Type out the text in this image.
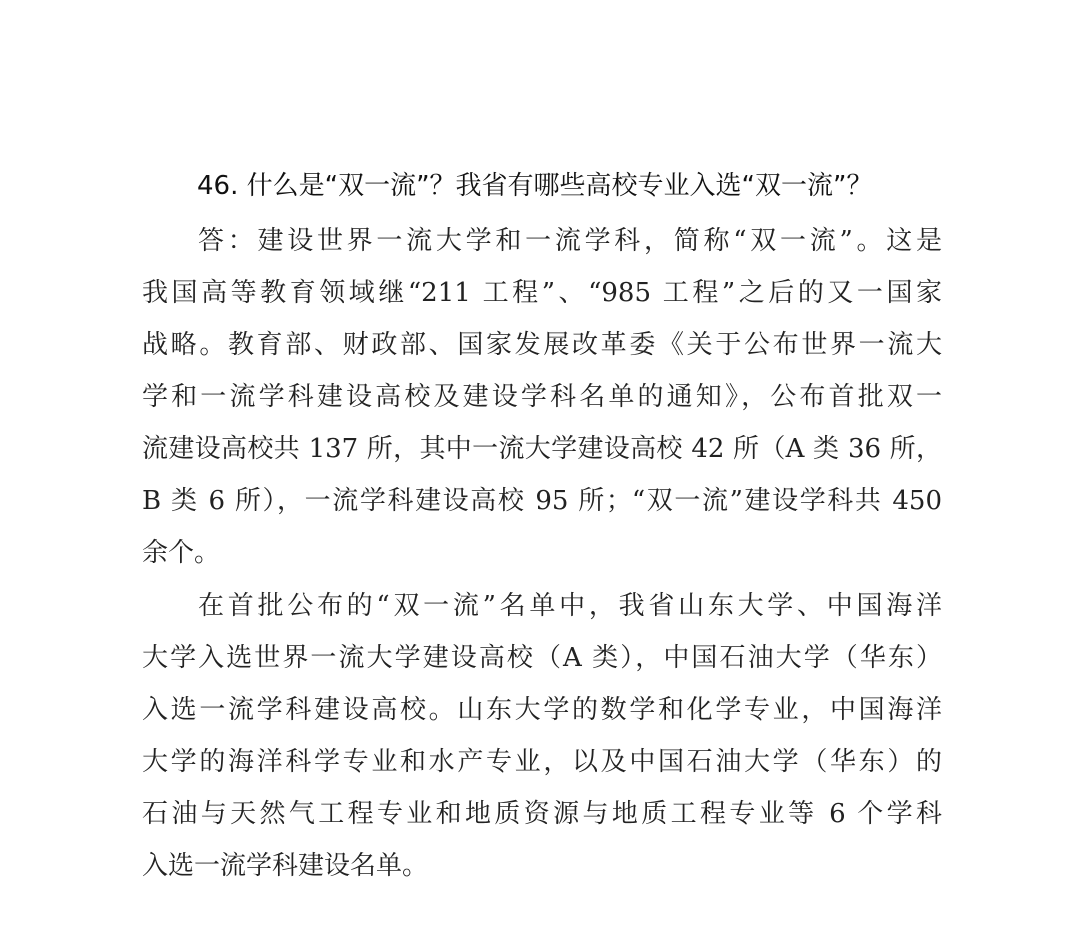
46. 什么是“双一流”？我省有哪些高校专业入选“双一流”？
答：建设世界一流大学和一流学科，简称“双一流”。这是
我国高等教育领域继“211 工程”、“985 工程”之后的又一国家
战略。教育部、财政部、国家发展改革委《关于公布世界一流大
学和一流学科建设高校及建设学科名单的通知》，公布首批双一
流建设高校共 137 所，其中一流大学建设高校 42 所（A 类 36 所，
B 类 6 所），一流学科建设高校 95 所；“双一流”建设学科共 450
余个。
在首批公布的“双一流”名单中，我省山东大学、中国海洋
大学入选世界一流大学建设高校（A 类），中国石油大学（华东）
入选一流学科建设高校。山东大学的数学和化学专业，中国海洋
大学的海洋科学专业和水产专业，以及中国石油大学（华东）的
石油与天然气工程专业和地质资源与地质工程专业等 6 个学科
入选一流学科建设名单。
